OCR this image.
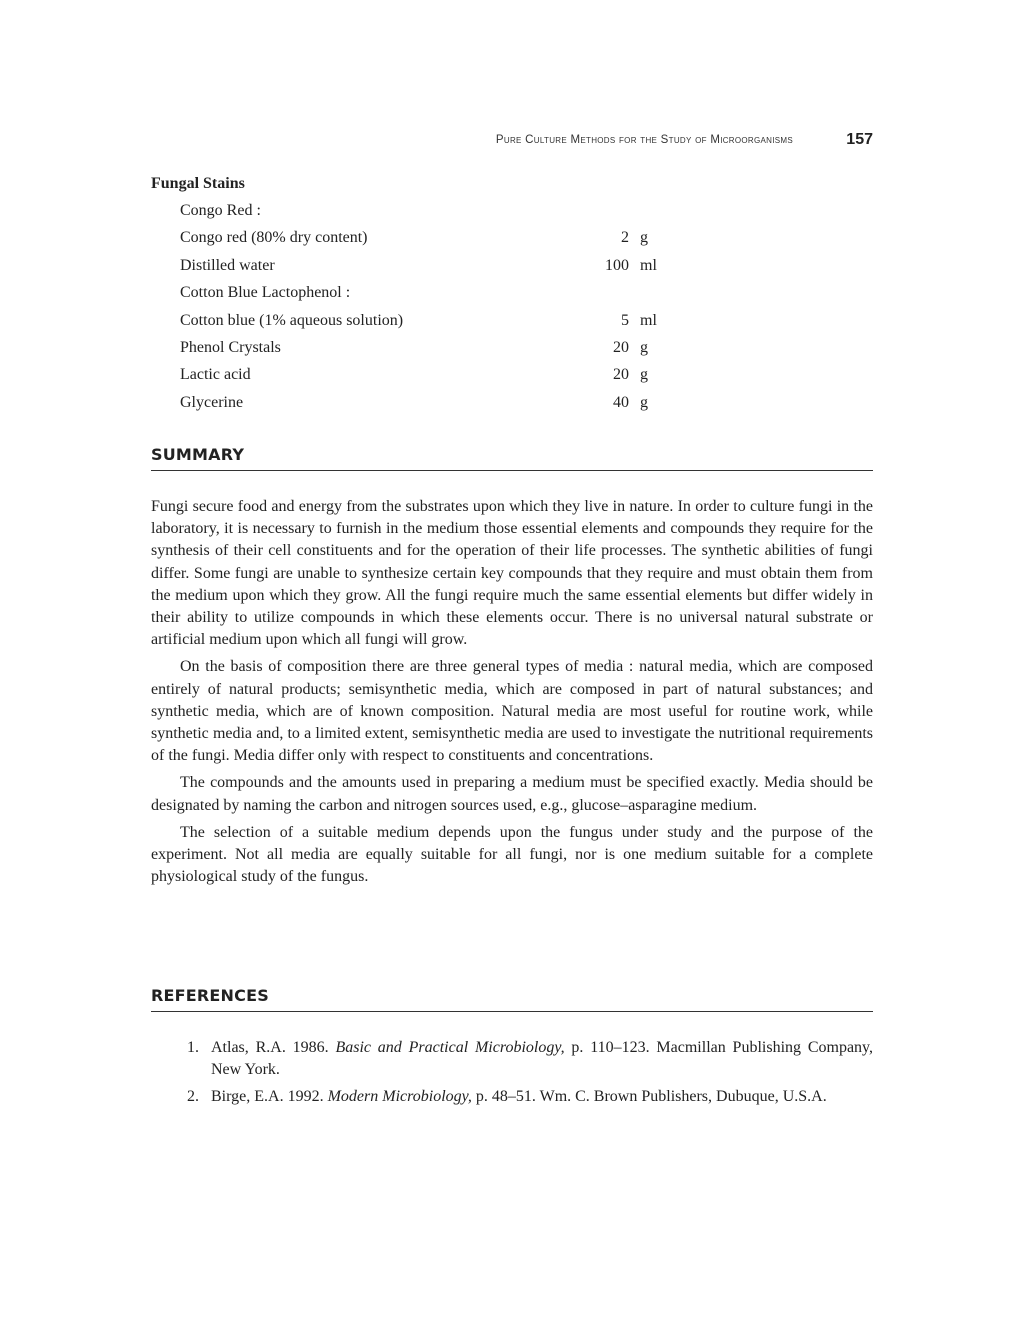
Pure Culture Methods for the Study of Microorganisms	157
Fungal Stains
Congo Red :
Congo red (80% dry content)	2 g
Distilled water	100 ml
Cotton Blue Lactophenol :
Cotton blue (1% aqueous solution)	5 ml
Phenol Crystals	20 g
Lactic acid	20 g
Glycerine	40 g
SUMMARY

Fungi secure food and energy from the substrates upon which they live in nature. In order to culture fungi in the laboratory, it is necessary to furnish in the medium those essential elements and compounds they require for the synthesis of their cell constituents and for the operation of their life processes. The synthetic abilities of fungi differ. Some fungi are unable to synthesize certain key compounds that they require and must obtain them from the medium upon which they grow. All the fungi require much the same essential elements but differ widely in their ability to utilize compounds in which these elements occur. There is no universal natural substrate or artificial medium upon which all fungi will grow.

On the basis of composition there are three general types of media : natural media, which are composed entirely of natural products; semisynthetic media, which are composed in part of natural substances; and synthetic media, which are of known composition. Natural media are most useful for routine work, while synthetic media and, to a limited extent, semisynthetic media are used to investigate the nutritional requirements of the fungi. Media differ only with respect to constituents and concentrations.

The compounds and the amounts used in preparing a medium must be specified exactly. Media should be designated by naming the carbon and nitrogen sources used, e.g., glucose–asparagine medium.

The selection of a suitable medium depends upon the fungus under study and the purpose of the experiment. Not all media are equally suitable for all fungi, nor is one medium suitable for a complete physiological study of the fungus.

REFERENCES
1. Atlas, R.A. 1986. Basic and Practical Microbiology, p. 110–123. Macmillan Publishing Company, New York.
2. Birge, E.A. 1992. Modern Microbiology, p. 48–51. Wm. C. Brown Publishers, Dubuque, U.S.A.
